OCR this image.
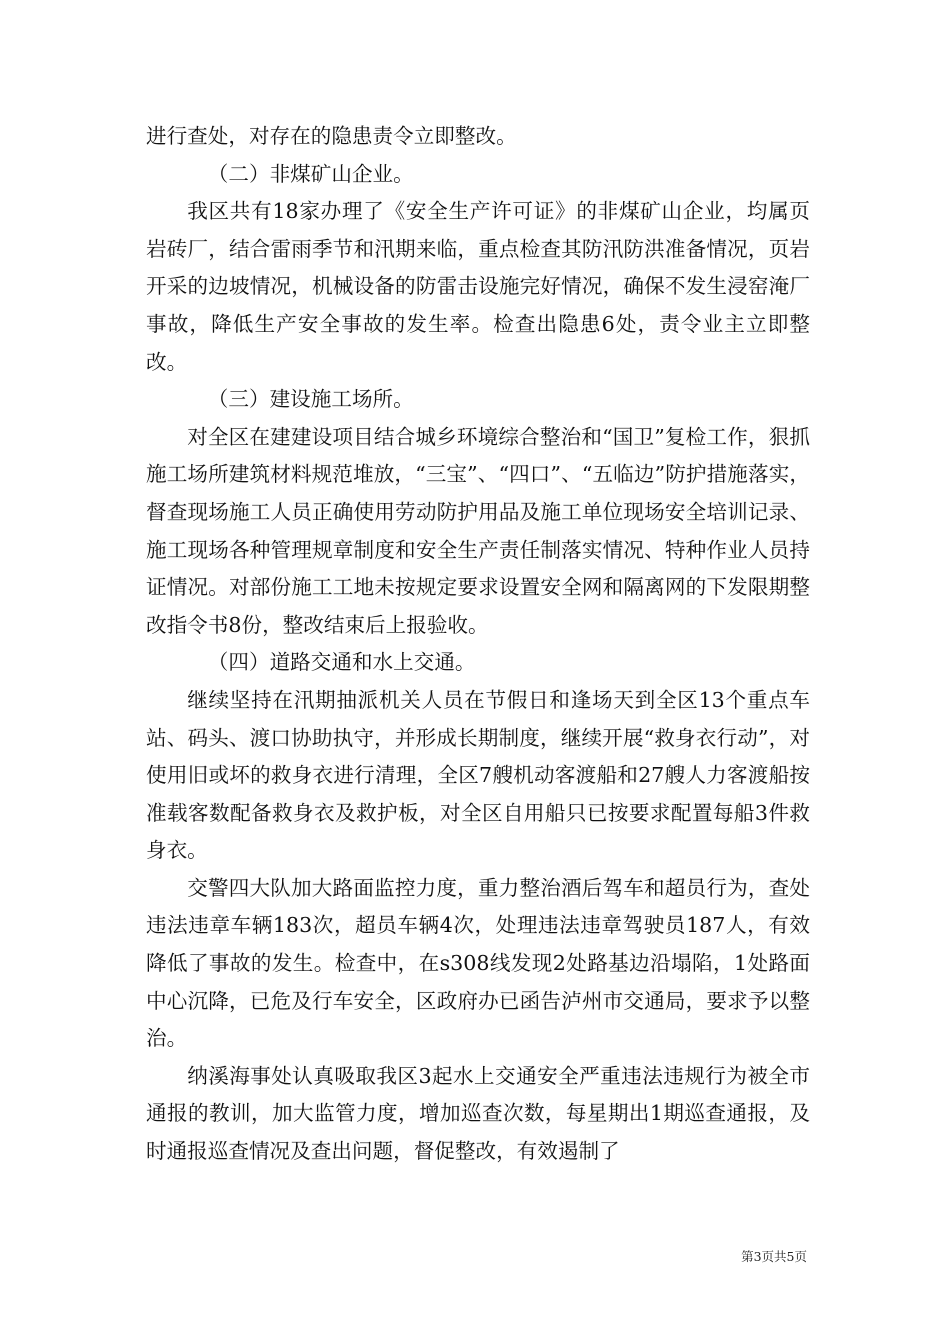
进行查处，对存在的隐患责令立即整改。

（二）非煤矿山企业。

我区共有18家办理了《安全生产许可证》的非煤矿山企业，均属页岩砖厂，结合雷雨季节和汛期来临，重点检查其防汛防洪准备情况，页岩开采的边坡情况，机械设备的防雷击设施完好情况，确保不发生浸窑淹厂事故，降低生产安全事故的发生率。检查出隐患6处，责令业主立即整改。

（三）建设施工场所。

对全区在建建设项目结合城乡环境综合整治和“国卫”复检工作，狠抓施工场所建筑材料规范堆放，“三宝”、“四口”、“五临边”防护措施落实，督查现场施工人员正确使用劳动防护用品及施工单位现场安全培训记录、施工现场各种管理规章制度和安全生产责任制落实情况、特种作业人员持证情况。对部份施工工地未按规定要求设置安全网和隔离网的下发限期整改指令书8份，整改结束后上报验收。

（四）道路交通和水上交通。

继续坚持在汛期抽派机关人员在节假日和逢场天到全区13个重点车站、码头、渡口协助执守，并形成长期制度，继续开展“救身衣行动”，对使用旧或坏的救身衣进行清理，全区7艘机动客渡船和27艘人力客渡船按准载客数配备救身衣及救护板，对全区自用船只已按要求配置每船3件救身衣。

交警四大队加大路面监控力度，重力整治酒后驾车和超员行为，查处违法违章车辆183次，超员车辆4次，处理违法违章驾驶员187人，有效降低了事故的发生。检查中，在s308线发现2处路基边沿塌陷，1处路面中心沉降，已危及行车安全，区政府办已函告泸州市交通局，要求予以整治。

纳溪海事处认真吸取我区3起水上交通安全严重违法违规行为被全市通报的教训，加大监管力度，增加巡查次数，每星期出1期巡查通报，及时通报巡查情况及查出问题，督促整改，有效遏制了

第3页共5页
